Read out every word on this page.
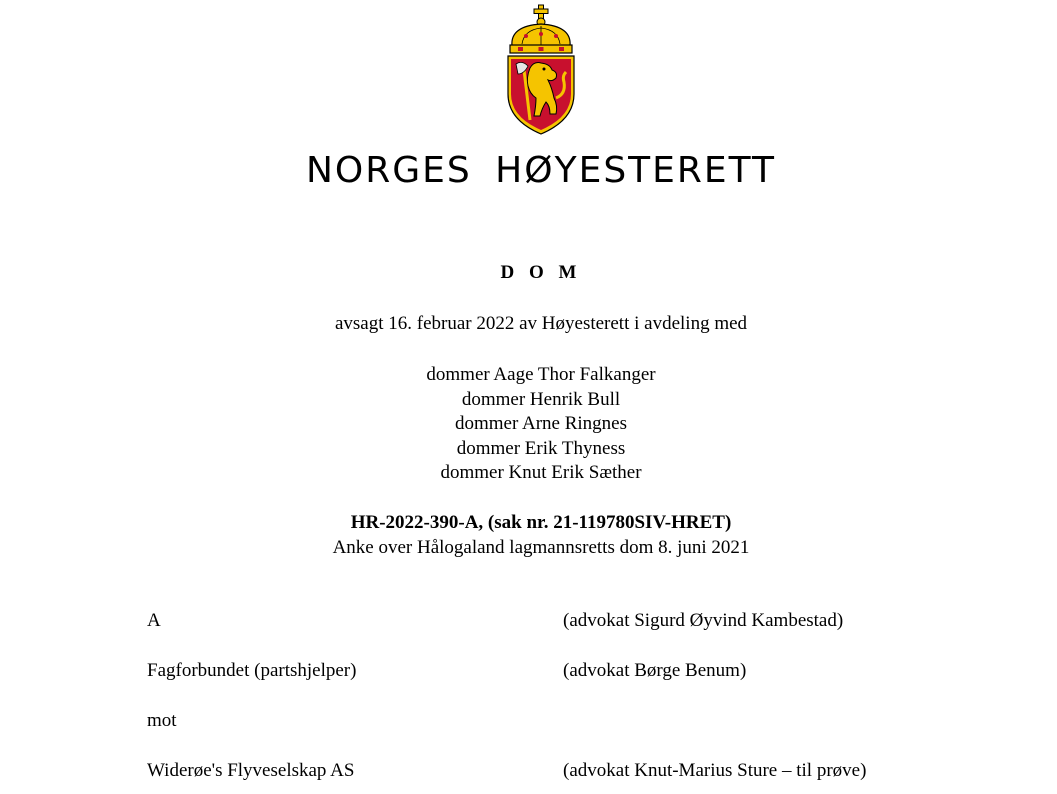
NORGES HØYESTERETT
D O M
avsagt 16. februar 2022 av Høyesterett i avdeling med
dommer Aage Thor Falkanger
dommer Henrik Bull
dommer Arne Ringnes
dommer Erik Thyness
dommer Knut Erik Sæther
HR-2022-390-A, (sak nr. 21-119780SIV-HRET)
Anke over Hålogaland lagmannsretts dom 8. juni 2021
A	(advokat Sigurd Øyvind Kambestad)
Fagforbundet (partshjelper)	(advokat Børge Benum)
mot
Widerøe's Flyveselskap AS	(advokat Knut-Marius Sture – til prøve)
